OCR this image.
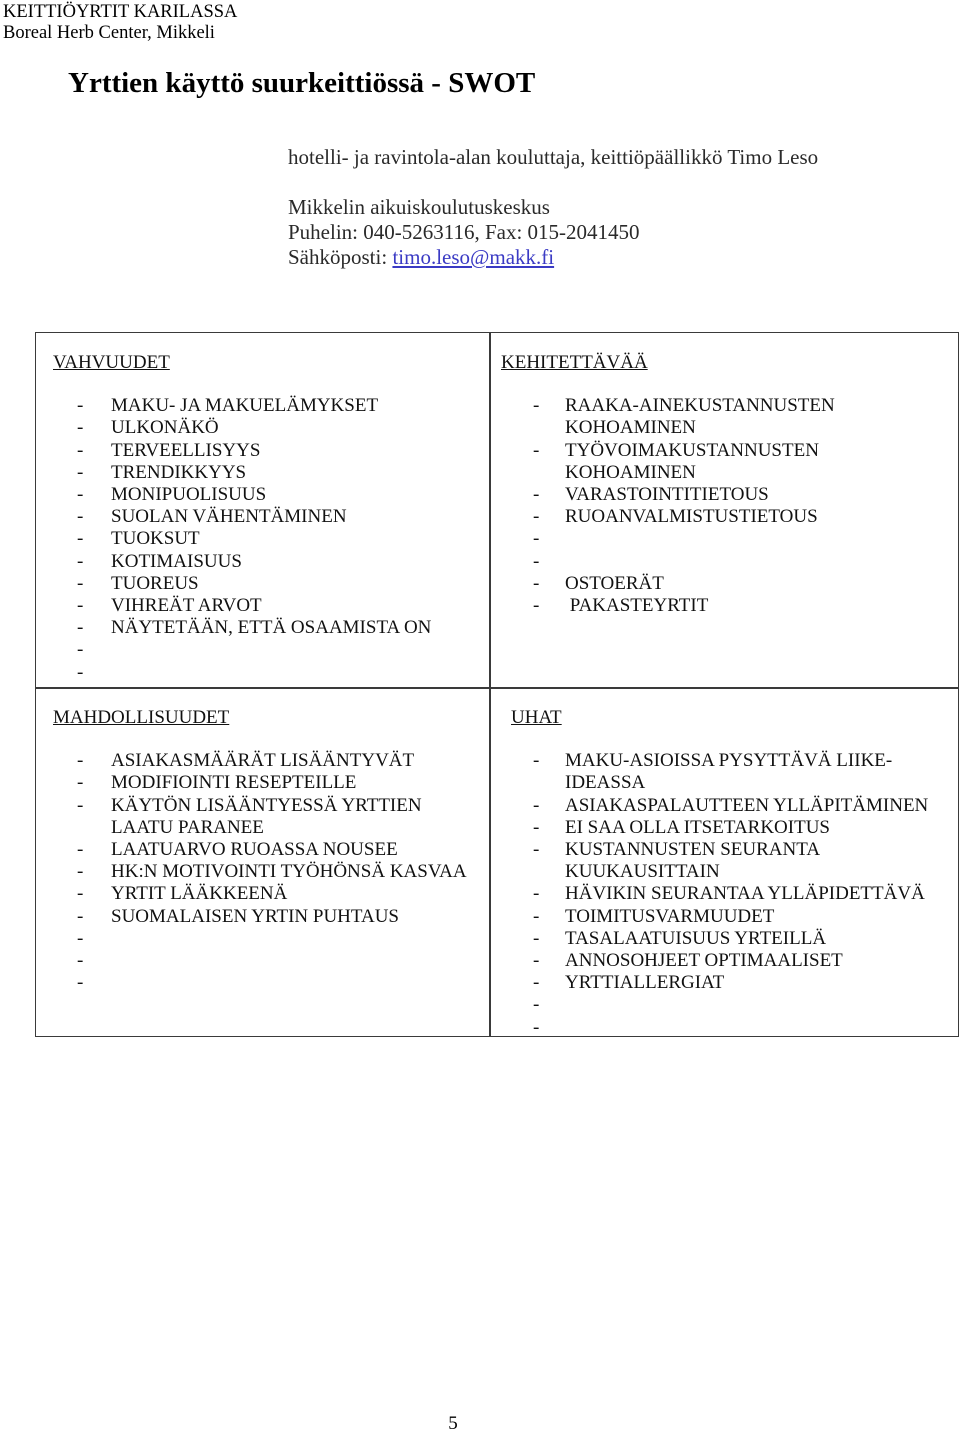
KEITTIÖYRTIT KARILASSA
Boreal Herb Center, Mikkeli
Yrttien käyttö suurkeittiössä - SWOT
hotelli- ja ravintola-alan kouluttaja, keittiöpäällikkö Timo Leso
Mikkelin aikuiskoulutuskeskus
Puhelin: 040-5263116, Fax: 015-2041450
Sähköposti: timo.leso@makk.fi
VAHVUUDET
-	MAKU- JA MAKUELÄMYKSET
-	ULKONÄKÖ
-	TERVEELLISYYS
-	TRENDIKKYYS
-	MONIPUOLISUUS
-	SUOLAN VÄHENTÄMINEN
-	TUOKSUT
-	KOTIMAISUUS
-	TUOREUS
-	VIHREÄT ARVOT
-	NÄYTETÄÄN, ETTÄ OSAAMISTA ON
-
-
KEHITETTÄVÄÄ
-	RAAKA-AINEKUSTANNUSTEN
KOHOAMINEN
-	TYÖVOIMAKUSTANNUSTEN
KOHOAMINEN
-	VARASTOINTITIETOUS
-	RUOANVALMISTUSTIETOUS
-
-
-	OSTOERÄT
-	PAKASTEYRTIT
MAHDOLLISUUDET
-	ASIAKASMÄÄRÄT LISÄÄNTYVÄT
-	MODIFIOINTI RESEPTEILLE
-	KÄYTÖN LISÄÄNTYESSÄ YRTTIEN
LAATU PARANEE
-	LAATUARVO RUOASSA NOUSEE
-	HK:N MOTIVOINTI TYÖHÖNSÄ KASVAA
-	YRTIT LÄÄKKEENÄ
-	SUOMALAISEN YRTIN PUHTAUS
-
-
-
UHAT
-	MAKU-ASIOISSA PYSYTTÄVÄ LIIKE-
IDEASSA
-	ASIAKASPALAUTTEEN YLLÄPITÄMINEN
-	EI SAA OLLA ITSETARKOITUS
-	KUSTANNUSTEN SEURANTA
KUUKAUSITTAIN
-	HÄVIKIN SEURANTAA YLLÄPIDETTÄVÄ
-	TOIMITUSVARMUUDET
-	TASALAATUISUUS YRTEILLÄ
-	ANNOSOHJEET OPTIMAALISET
-	YRTTIALLERGIAT
-
-
5
